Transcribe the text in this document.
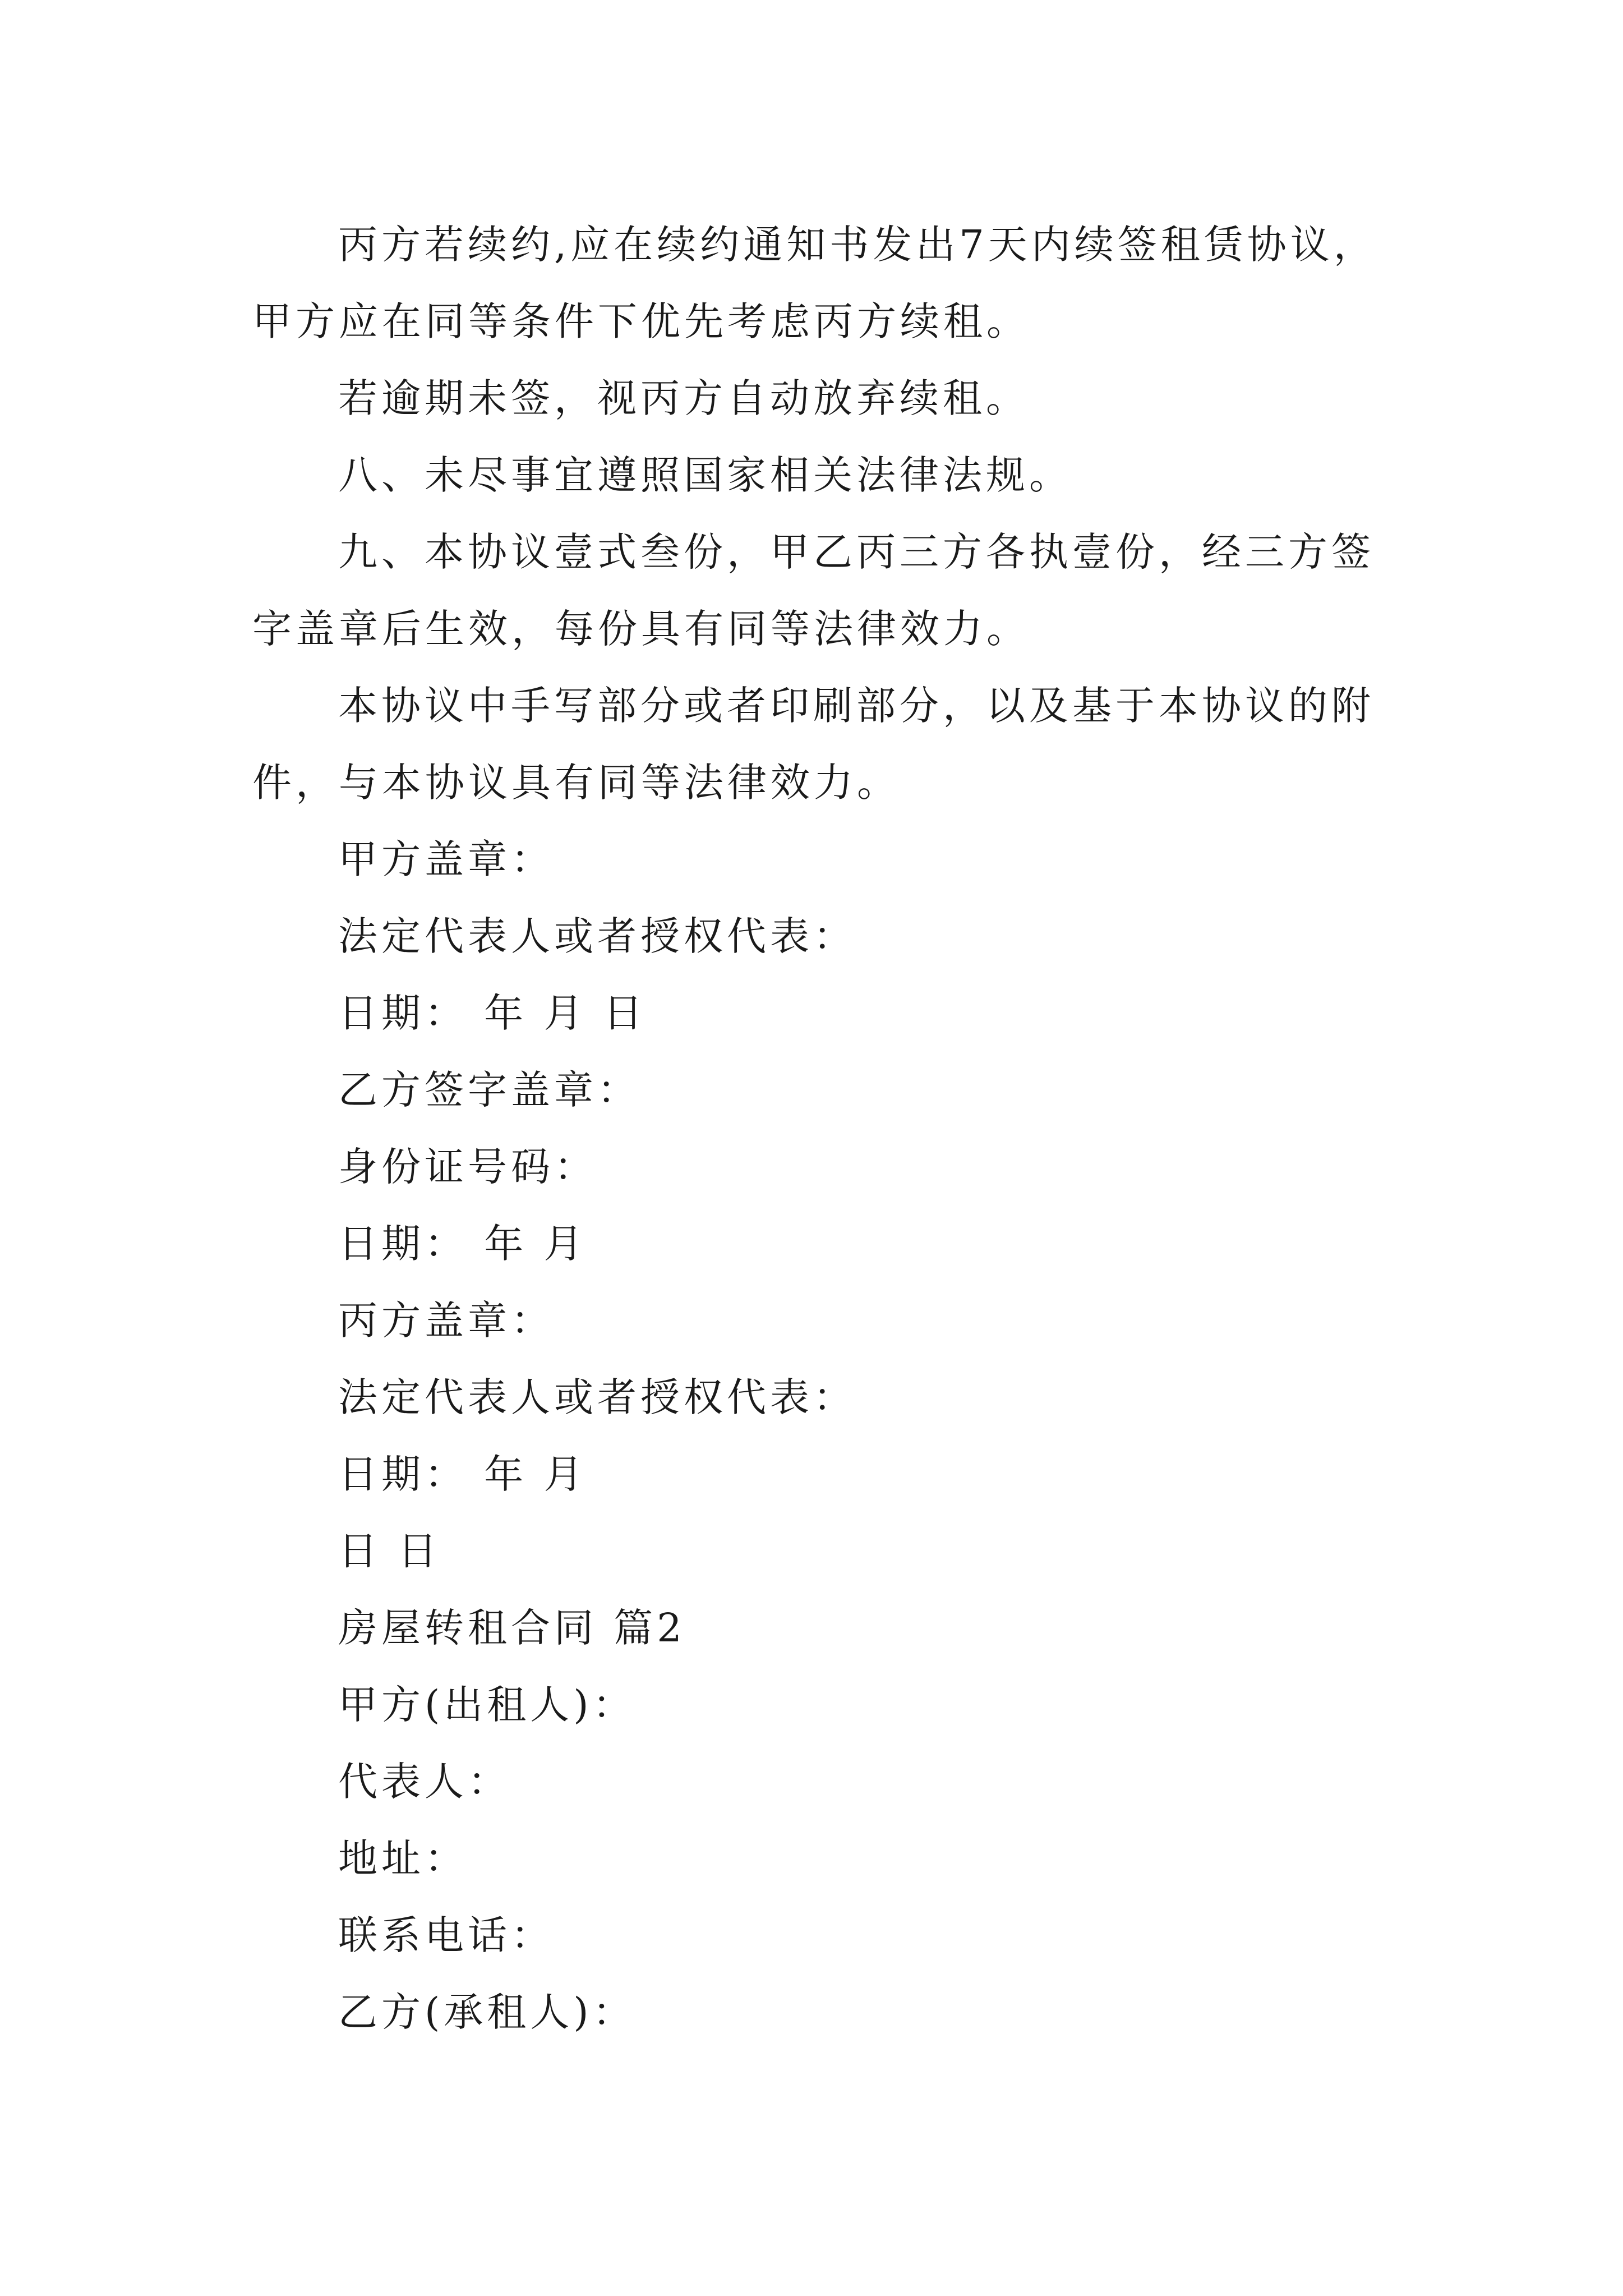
丙方若续约,应在续约通知书发出7天内续签租赁协议，

甲方应在同等条件下优先考虑丙方续租。

若逾期未签，视丙方自动放弃续租。

八、未尽事宜遵照国家相关法律法规。

九、本协议壹式叁份，甲乙丙三方各执壹份，经三方签

字盖章后生效，每份具有同等法律效力。

本协议中手写部分或者印刷部分，以及基于本协议的附

件，与本协议具有同等法律效力。

甲方盖章：

法定代表人或者授权代表：

日期： 年 月 日

乙方签字盖章：

身份证号码：

日期： 年 月

丙方盖章：

法定代表人或者授权代表：

日期： 年 月

日 日

房屋转租合同 篇2

甲方(出租人)：

代表人：

地址：

联系电话：

乙方(承租人)：
